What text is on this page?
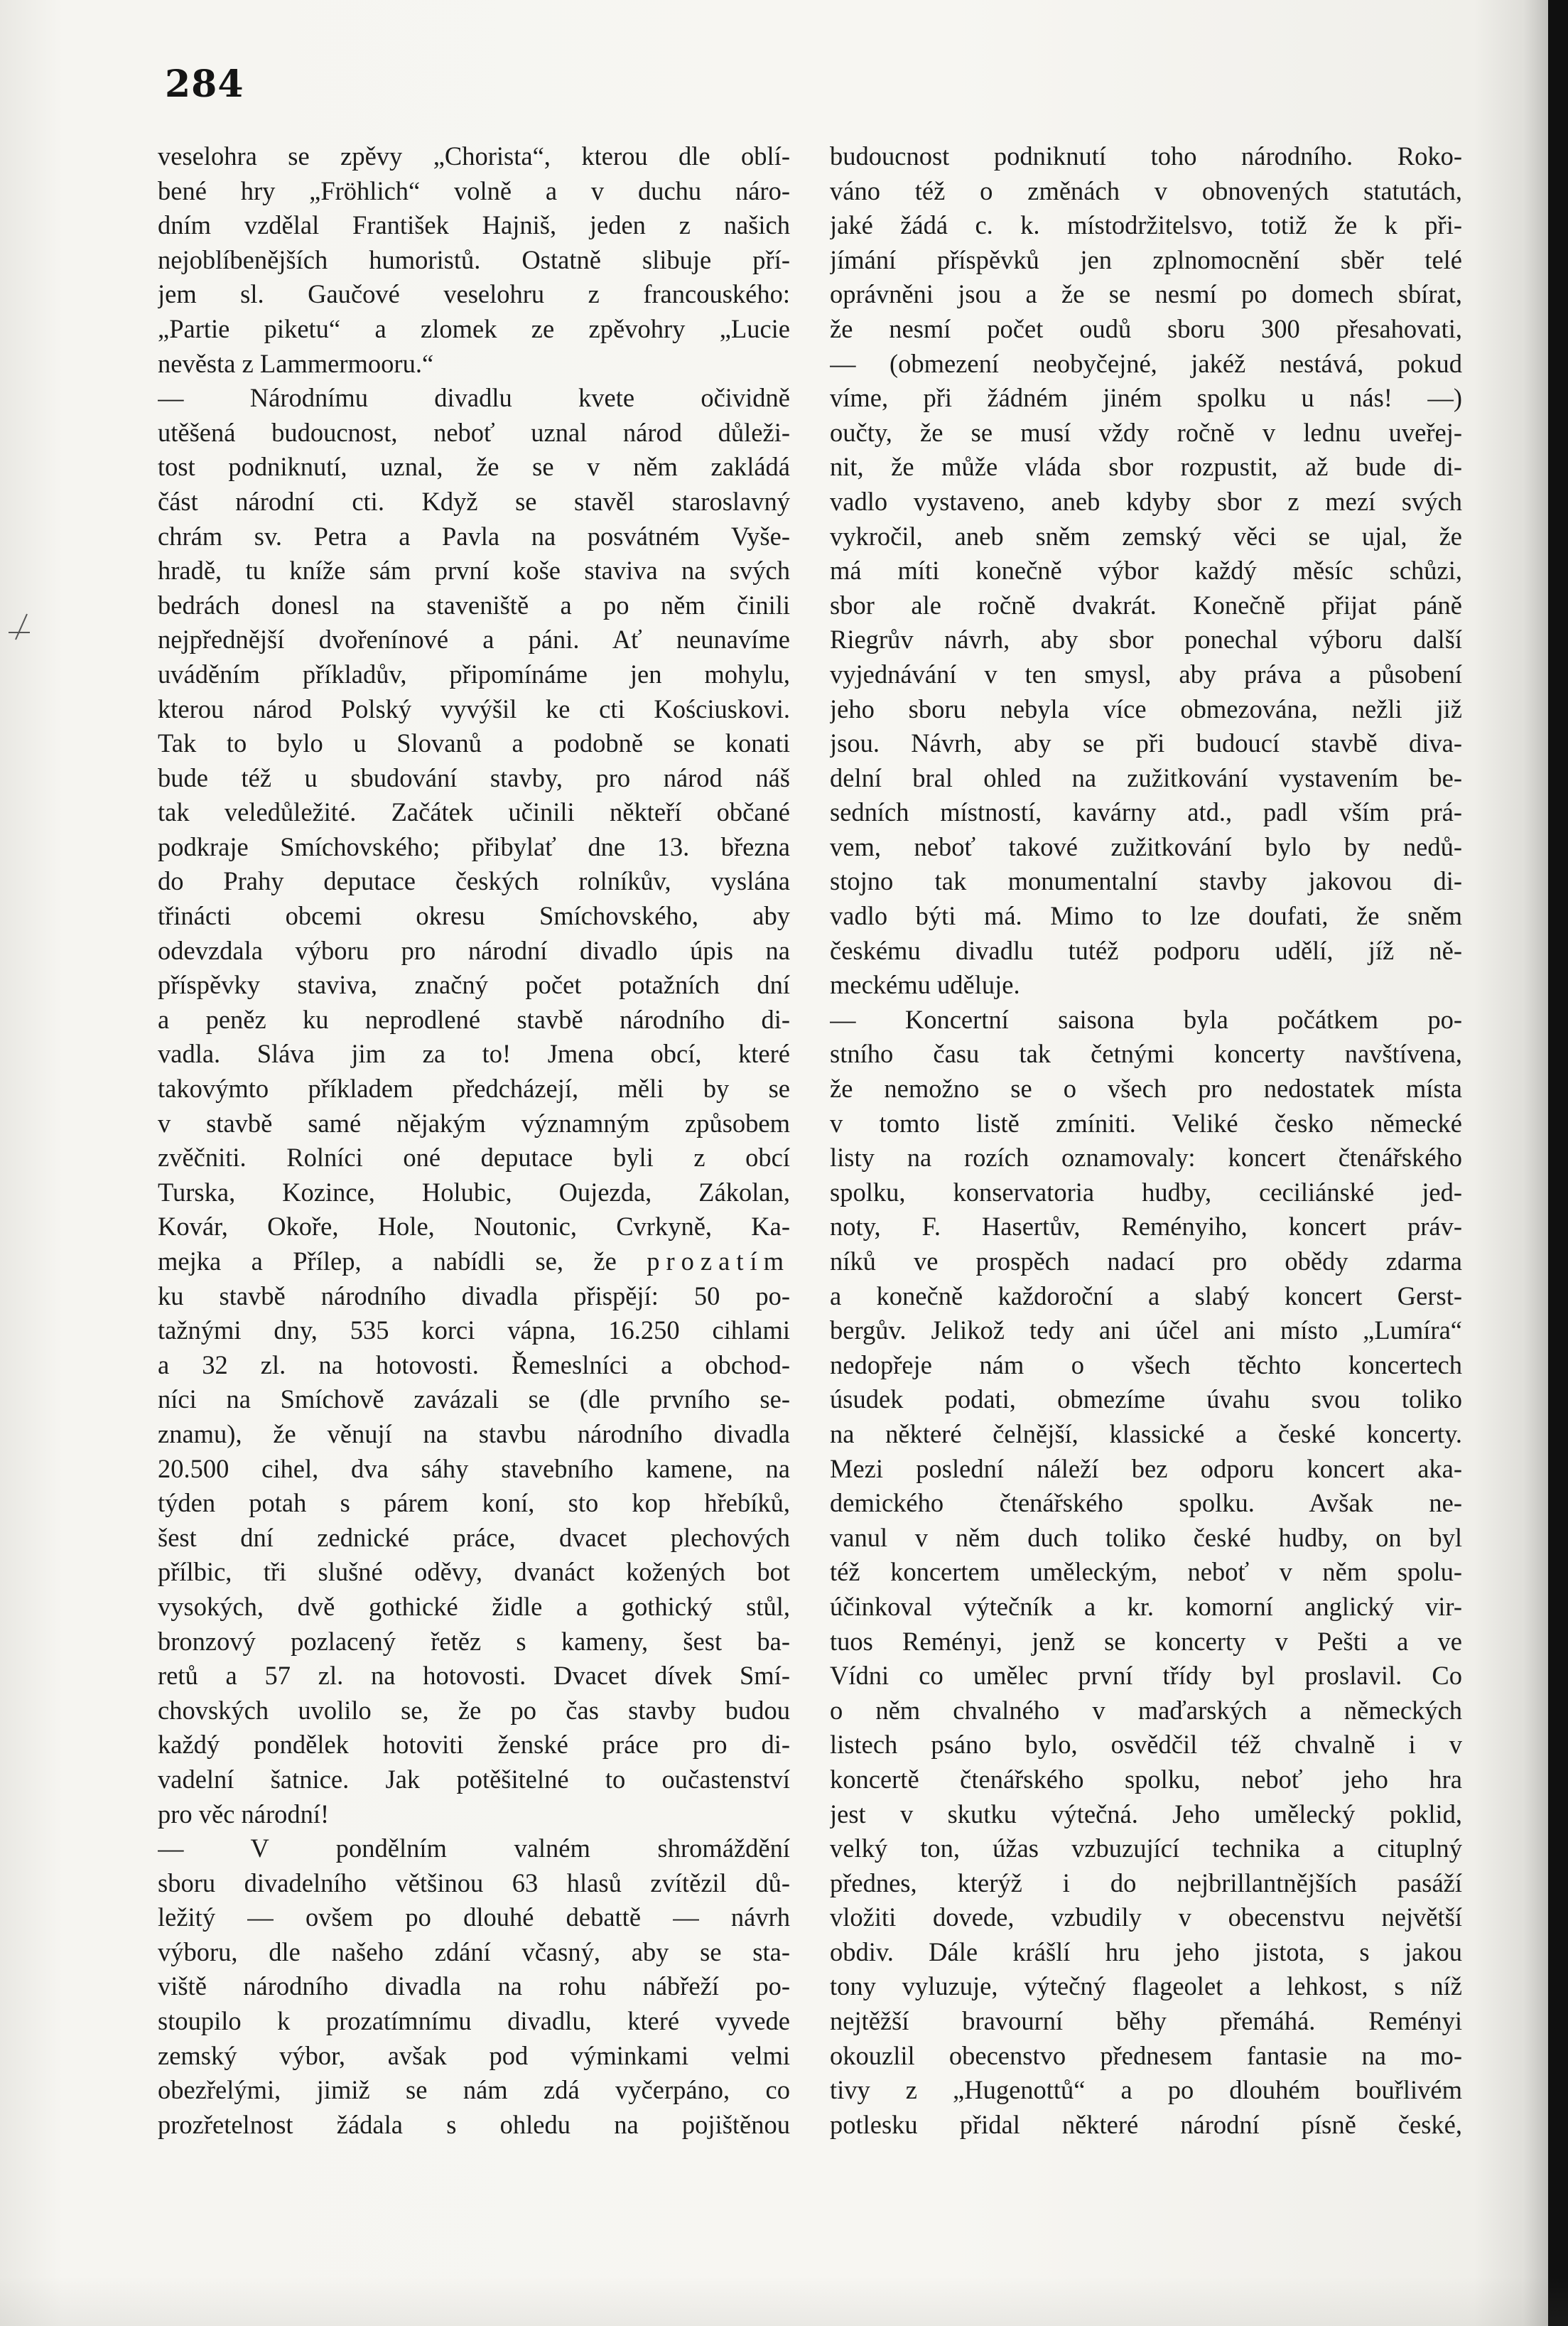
284
veselohra se zpěvy „Chorista“, kterou dle oblí-
bené hry „Fröhlich“ volně a v duchu náro-
dním vzdělal František Hajniš, jeden z našich
nejoblíbenějších humoristů. Ostatně slibuje pří-
jem sl. Gaučové veselohru z francouského:
„Partie piketu“ a zlomek ze zpěvohry „Lucie
nevěsta z Lammermooru.“
— Národnímu divadlu kvete očividně
utěšená budoucnost, neboť uznal národ důleži-
tost podniknutí, uznal, že se v něm zakládá
část národní cti. Když se stavěl staroslavný
chrám sv. Petra a Pavla na posvátném Vyše-
hradě, tu kníže sám první koše staviva na svých
bedrách donesl na staveniště a po něm činili
nejpřednější dvořenínové a páni. Ať neunavíme
uváděním příkladův, připomínáme jen mohylu,
kterou národ Polský vyvýšil ke cti Kościuskovi.
Tak to bylo u Slovanů a podobně se konati
bude též u sbudování stavby, pro národ náš
tak veledůležité. Začátek učinili někteří občané
podkraje Smíchovského; přibylať dne 13. března
do Prahy deputace českých rolníkův, vyslána
třinácti obcemi okresu Smíchovského, aby
odevzdala výboru pro národní divadlo úpis na
příspěvky staviva, značný počet potažních dní
a peněz ku neprodlené stavbě národního di-
vadla. Sláva jim za to! Jmena obcí, které
takovýmto příkladem předcházejí, měli by se
v stavbě samé nějakým významným způsobem
zvěčniti. Rolníci oné deputace byli z obcí
Turska, Kozince, Holubic, Oujezda, Zákolan,
Kovár, Okoře, Hole, Noutonic, Cvrkyně, Ka-
mejka a Přílep, a nabídli se, že prozatím
ku stavbě národního divadla přispějí: 50 po-
tažnými dny, 535 korci vápna, 16.250 cihlami
a 32 zl. na hotovosti. Řemeslníci a obchod-
níci na Smíchově zavázali se (dle prvního se-
znamu), že věnují na stavbu národního divadla
20.500 cihel, dva sáhy stavebního kamene, na
týden potah s párem koní, sto kop hřebíků,
šest dní zednické práce, dvacet plechových
přílbic, tři slušné oděvy, dvanáct kožených bot
vysokých, dvě gothické židle a gothický stůl,
bronzový pozlacený řetěz s kameny, šest ba-
retů a 57 zl. na hotovosti. Dvacet dívek Smí-
chovských uvolilo se, že po čas stavby budou
každý pondělek hotoviti ženské práce pro di-
vadelní šatnice. Jak potěšitelné to oučastenství
pro věc národní!
— V pondělním valném shromáždění
sboru divadelního většinou 63 hlasů zvítězil dů-
ležitý — ovšem po dlouhé debattě — návrh
výboru, dle našeho zdání včasný, aby se sta-
viště národního divadla na rohu nábřeží po-
stoupilo k prozatímnímu divadlu, které vyvede
zemský výbor, avšak pod výminkami velmi
obezřelými, jimiž se nám zdá vyčerpáno, co
prozřetelnost žádala s ohledu na pojištěnou
budoucnost podniknutí toho národního. Roko-
váno též o změnách v obnovených statutách,
jaké žádá c. k. místodržitelsvo, totiž že k při-
jímání příspěvků jen zplnomocnění sběr telé
oprávněni jsou a že se nesmí po domech sbírat,
že nesmí počet oudů sboru 300 přesahovati,
— (obmezení neobyčejné, jakéž nestává, pokud
víme, při žádném jiném spolku u nás! —)
oučty, že se musí vždy ročně v lednu uveřej-
nit, že může vláda sbor rozpustit, až bude di-
vadlo vystaveno, aneb kdyby sbor z mezí svých
vykročil, aneb sněm zemský věci se ujal, že
má míti konečně výbor každý měsíc schůzi,
sbor ale ročně dvakrát. Konečně přijat páně
Riegrův návrh, aby sbor ponechal výboru další
vyjednávání v ten smysl, aby práva a působení
jeho sboru nebyla více obmezována, nežli již
jsou. Návrh, aby se při budoucí stavbě diva-
delní bral ohled na zužitkování vystavením be-
sedních místností, kavárny atd., padl vším prá-
vem, neboť takové zužitkování bylo by nedů-
stojno tak monumentalní stavby jakovou di-
vadlo býti má. Mimo to lze doufati, že sněm
českému divadlu tutéž podporu udělí, jíž ně-
meckému uděluje.
— Koncertní saisona byla počátkem po-
stního času tak četnými koncerty navštívena,
že nemožno se o všech pro nedostatek místa
v tomto listě zmíniti. Veliké česko německé
listy na rozích oznamovaly: koncert čtenářského
spolku, konservatoria hudby, ceciliánské jed-
noty, F. Hasertův, Reményiho, koncert práv-
níků ve prospěch nadací pro obědy zdarma
a konečně každoroční a slabý koncert Gerst-
bergův. Jelikož tedy ani účel ani místo „Lumíra“
nedopřeje nám o všech těchto koncertech
úsudek podati, obmezíme úvahu svou toliko
na některé čelnější, klassické a české koncerty.
Mezi poslední náleží bez odporu koncert aka-
demického čtenářského spolku. Avšak ne-
vanul v něm duch toliko české hudby, on byl
též koncertem uměleckým, neboť v něm spolu-
účinkoval výtečník a kr. komorní anglický vir-
tuos Reményi, jenž se koncerty v Pešti a ve
Vídni co umělec první třídy byl proslavil. Co
o něm chvalného v maďarských a německých
listech psáno bylo, osvědčil též chvalně i v
koncertě čtenářského spolku, neboť jeho hra
jest v skutku výtečná. Jeho umělecký poklid,
velký ton, úžas vzbuzující technika a cituplný
přednes, kterýž i do nejbrillantnějších pasáží
vložiti dovede, vzbudily v obecenstvu největší
obdiv. Dále krášlí hru jeho jistota, s jakou
tony vyluzuje, výtečný flageolet a lehkost, s níž
nejtěžší bravourní běhy přemáhá. Reményi
okouzlil obecenstvo přednesem fantasie na mo-
tivy z „Hugenottů“ a po dlouhém bouřlivém
potlesku přidal některé národní písně české,
